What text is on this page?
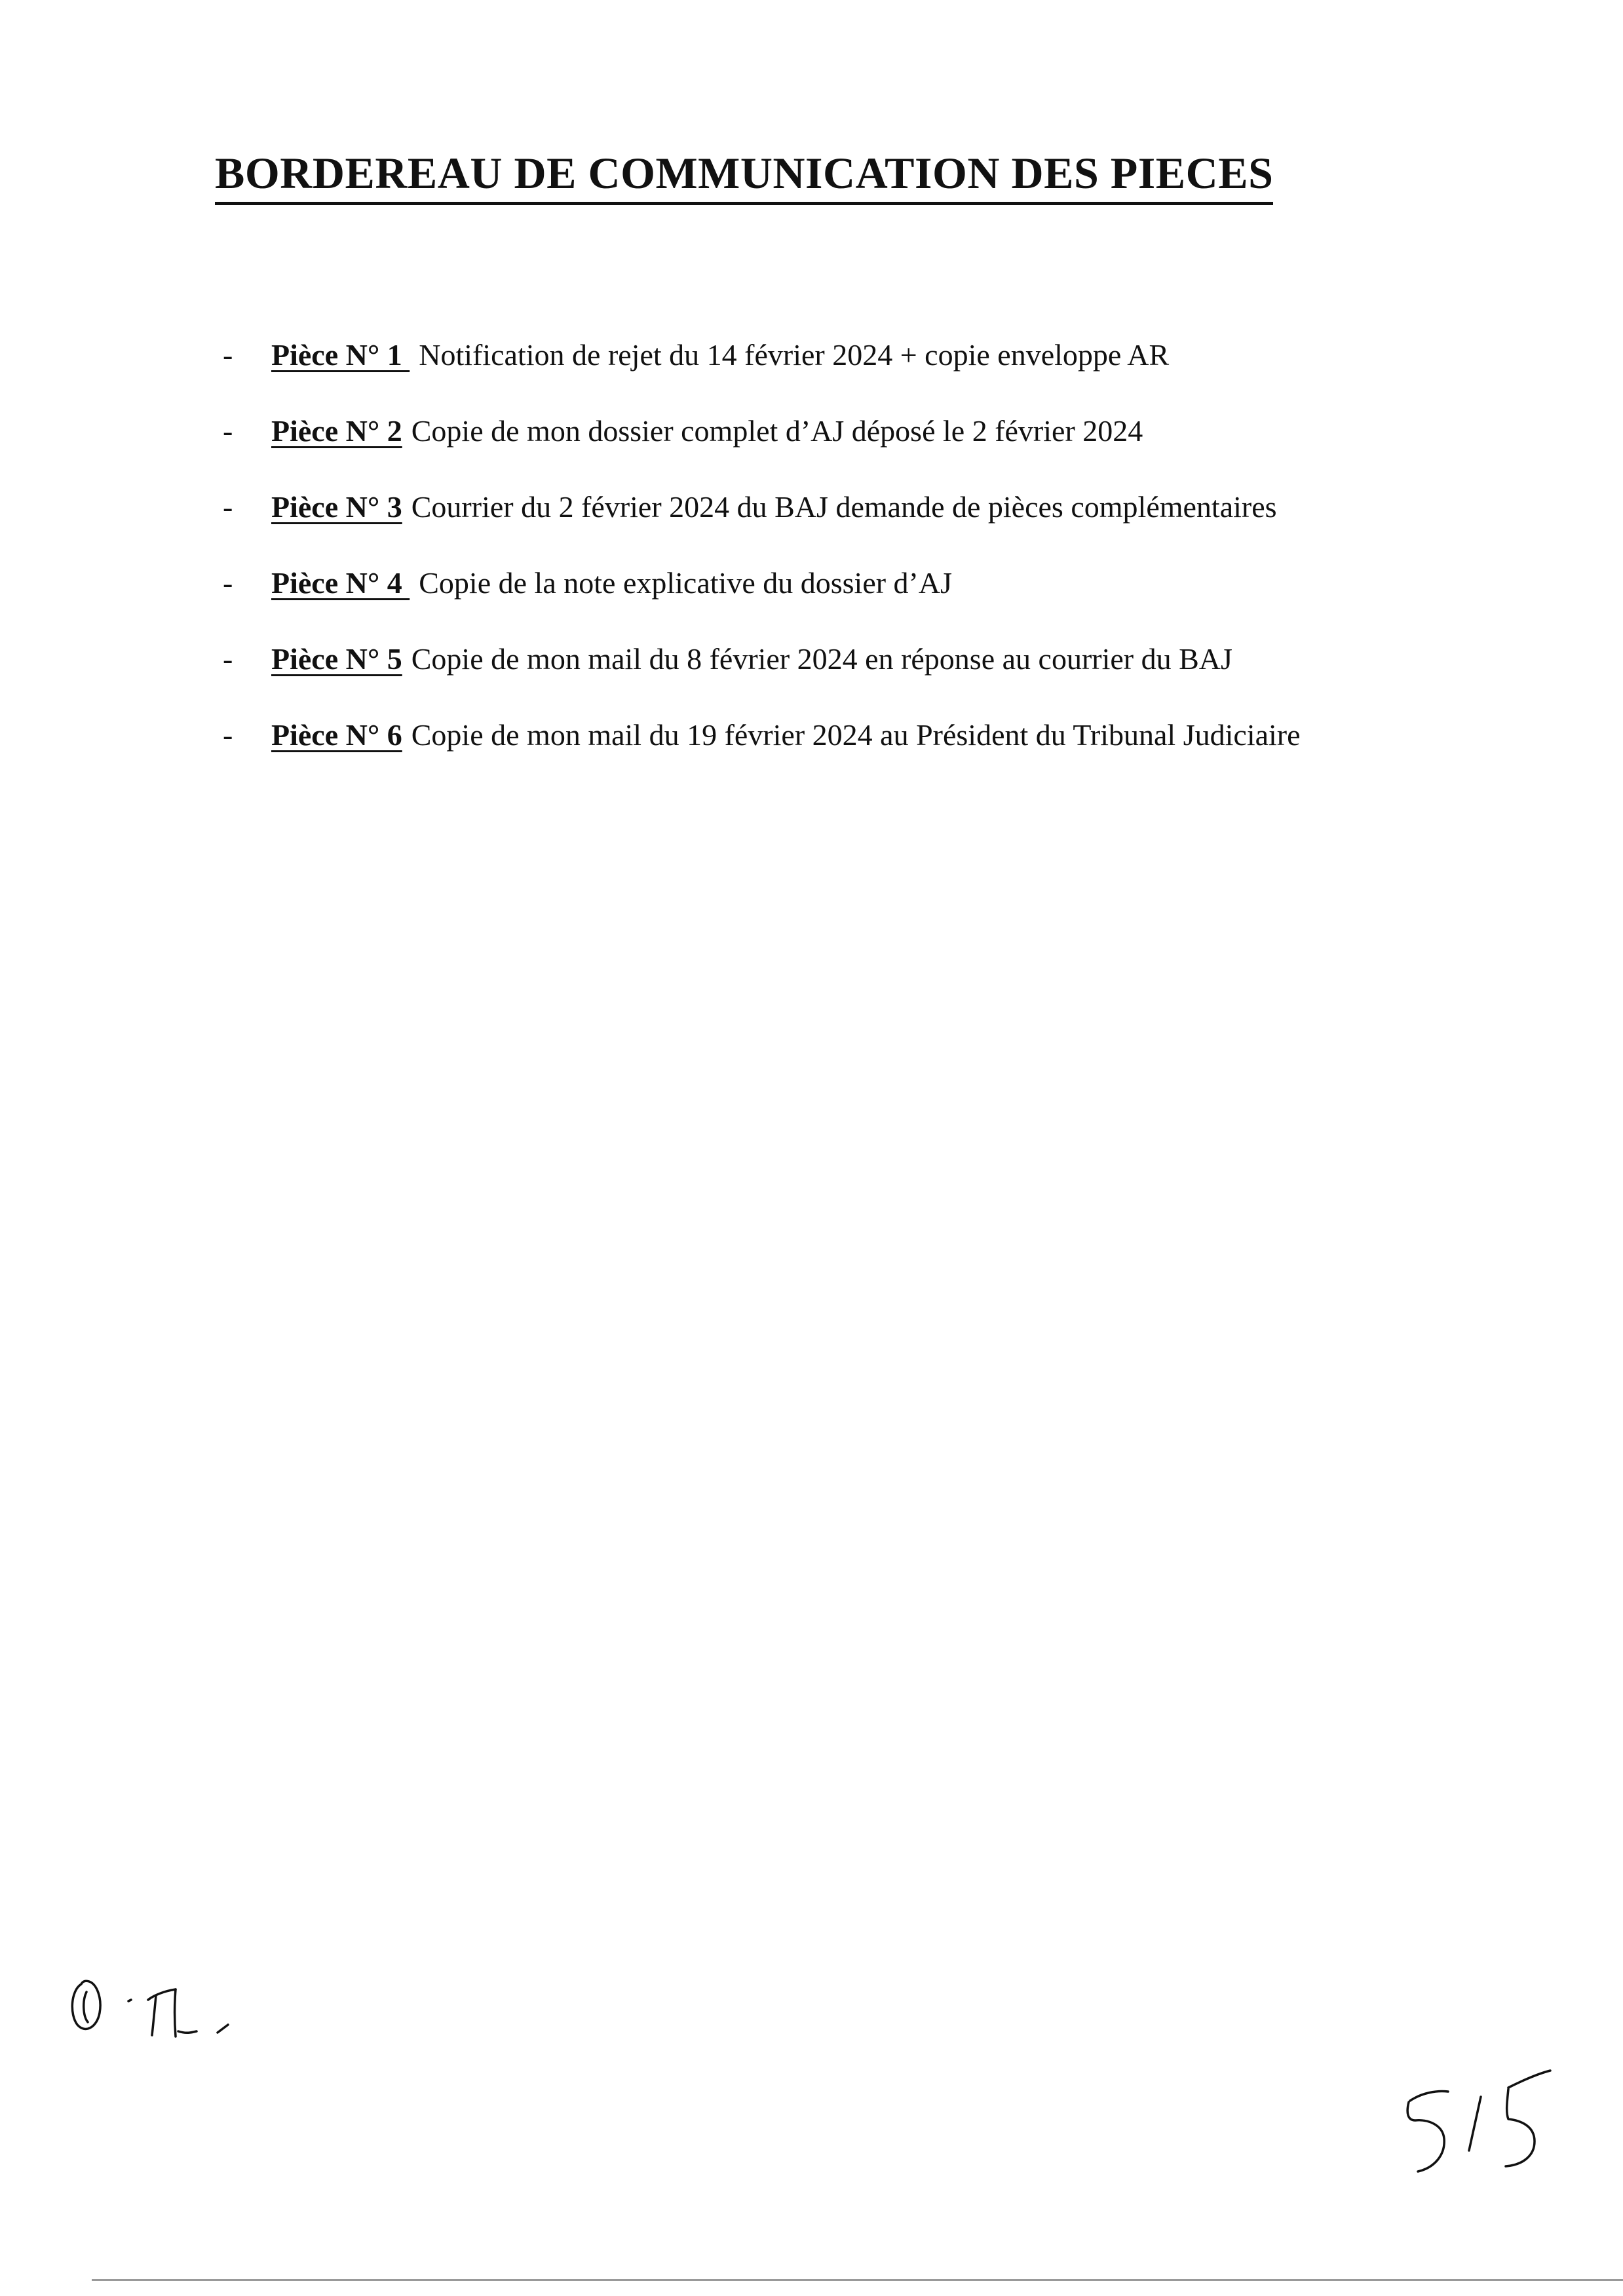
BORDEREAU DE COMMUNICATION DES PIECES
- Pièce N° 1 Notification de rejet du 14 février 2024 + copie enveloppe AR
- Pièce N° 2 Copie de mon dossier complet d’AJ déposé le 2 février 2024
- Pièce N° 3 Courrier du 2 février 2024 du BAJ demande de pièces complémentaires
- Pièce N° 4 Copie de la note explicative du dossier d’AJ
- Pièce N° 5 Copie de mon mail du 8 février 2024 en réponse au courrier du BAJ
- Pièce N° 6 Copie de mon mail du 19 février 2024 au Président du Tribunal Judiciaire
